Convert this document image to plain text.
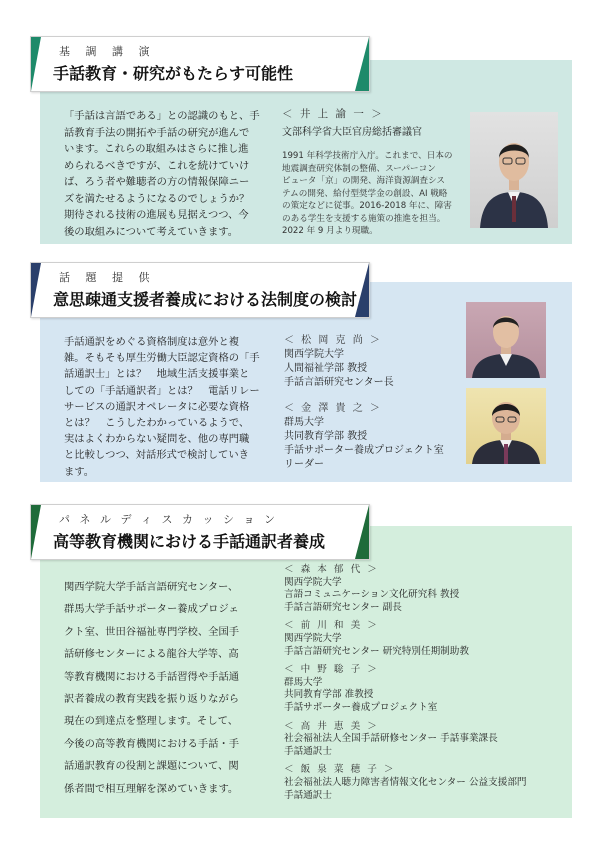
基 調 講 演
手話教育・研究がもたらす可能性

「手話は言語である」との認識のもと、手

話教育手法の開拓や手話の研究が進んで

います。これらの取組みはさらに推し進

められるべきですが、これを続けていけ

ば、ろう者や難聴者の方の情報保障ニー

ズを満たせるようになるのでしょうか？

期待される技術の進展も見据えつつ、今

後の取組みについて考えていきます。

＜ 井 上 諭 一 ＞
文部科学省大臣官房総括審議官

1991 年科学技術庁入庁。これまで、日本の

地震調査研究体制の整備、スーパーコン

ピュータ「京」の開発、海洋資源調査シス

テムの開発、給付型奨学金の創設、AI 戦略

の策定などに従事。2016-2018 年に、障害

のある学生を支援する施策の推進を担当。

2022 年 9 月より現職。

話 題 提 供
意思疎通支援者養成における法制度の検討

手話通訳をめぐる資格制度は意外と複

雑。そもそも厚生労働大臣認定資格の「手

話通訳士」とは？　地域生活支援事業と

しての「手話通訳者」とは？　電話リレー

サービスの通訳オペレータに必要な資格

とは？　こうしたわかっているようで、

実はよくわからない疑問を、他の専門職

と比較しつつ、対話形式で検討していき

ます。

＜ 松 岡 克 尚 ＞
関西学院大学
人間福祉学部 教授
手話言語研究センター長
＜ 金 澤 貴 之 ＞
群馬大学
共同教育学部 教授
手話サポーター養成プロジェクト室
リーダー
パ ネ ル デ ィ ス カ ッ シ ョ ン
高等教育機関における手話通訳者養成

関西学院大学手話言語研究センター、

群馬大学手話サポーター養成プロジェ

クト室、世田谷福祉専門学校、全国手

話研修センターによる龍谷大学等、高

等教育機関における手話習得や手話通

訳者養成の教育実践を振り返りながら

現在の到達点を整理します。そして、

今後の高等教育機関における手話・手

話通訳教育の役割と課題について、関

係者間で相互理解を深めていきます。

＜ 森 本 郁 代 ＞
関西学院大学
言語コミュニケーション文化研究科 教授
手話言語研究センター 副長
＜ 前 川 和 美 ＞
関西学院大学
手話言語研究センター 研究特別任期制助教
＜ 中 野 聡 子 ＞
群馬大学
共同教育学部 准教授
手話サポーター養成プロジェクト室
＜ 高 井 恵 美 ＞
社会福祉法人全国手話研修センター 手話事業課長
手話通訳士
＜ 飯 泉 菜 穂 子 ＞
社会福祉法人聴力障害者情報文化センター 公益支援部門
手話通訳士
